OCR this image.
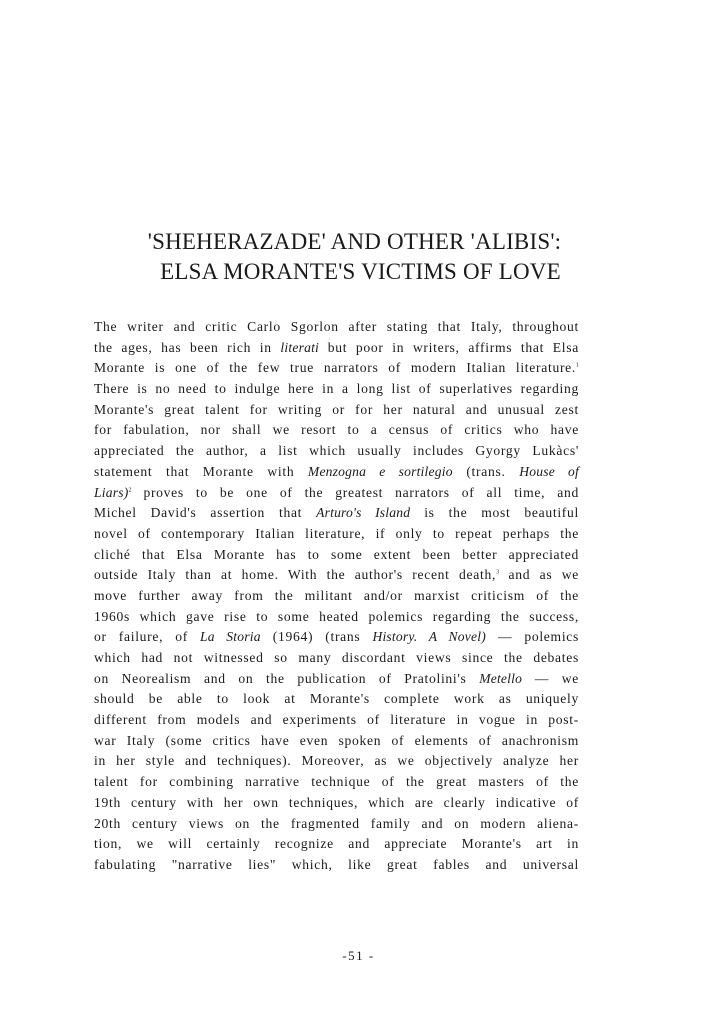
'SHEHERAZADE' AND OTHER 'ALIBIS':
ELSA MORANTE'S VICTIMS OF LOVE
The writer and critic Carlo Sgorlon after stating that Italy, throughout
the ages, has been rich in literati but poor in writers, affirms that Elsa
Morante is one of the few true narrators of modern Italian literature.$^1$
There is no need to indulge here in a long list of superlatives regarding
Morante's great talent for writing or for her natural and unusual zest
for fabulation, nor shall we resort to a census of critics who have
appreciated the author, a list which usually includes Gyorgy Lukàcs'
statement that Morante with Menzogna e sortilegio (trans. House of
Liars)$^2$ proves to be one of the greatest narrators of all time, and
Michel David's assertion that Arturo's Island is the most beautiful
novel of contemporary Italian literature, if only to repeat perhaps the
cliché that Elsa Morante has to some extent been better appreciated
outside Italy than at home. With the author's recent death,$^3$ and as we
move further away from the militant and/or marxist criticism of the
1960s which gave rise to some heated polemics regarding the success,
or failure, of La Storia (1964) (trans History. A Novel) — polemics
which had not witnessed so many discordant views since the debates
on Neorealism and on the publication of Pratolini's Metello — we
should be able to look at Morante's complete work as uniquely
different from models and experiments of literature in vogue in post-
war Italy (some critics have even spoken of elements of anachronism
in her style and techniques). Moreover, as we objectively analyze her
talent for combining narrative technique of the great masters of the
19th century with her own techniques, which are clearly indicative of
20th century views on the fragmented family and on modern aliena-
tion, we will certainly recognize and appreciate Morante's art in
fabulating "narrative lies" which, like great fables and universal
-51 -
